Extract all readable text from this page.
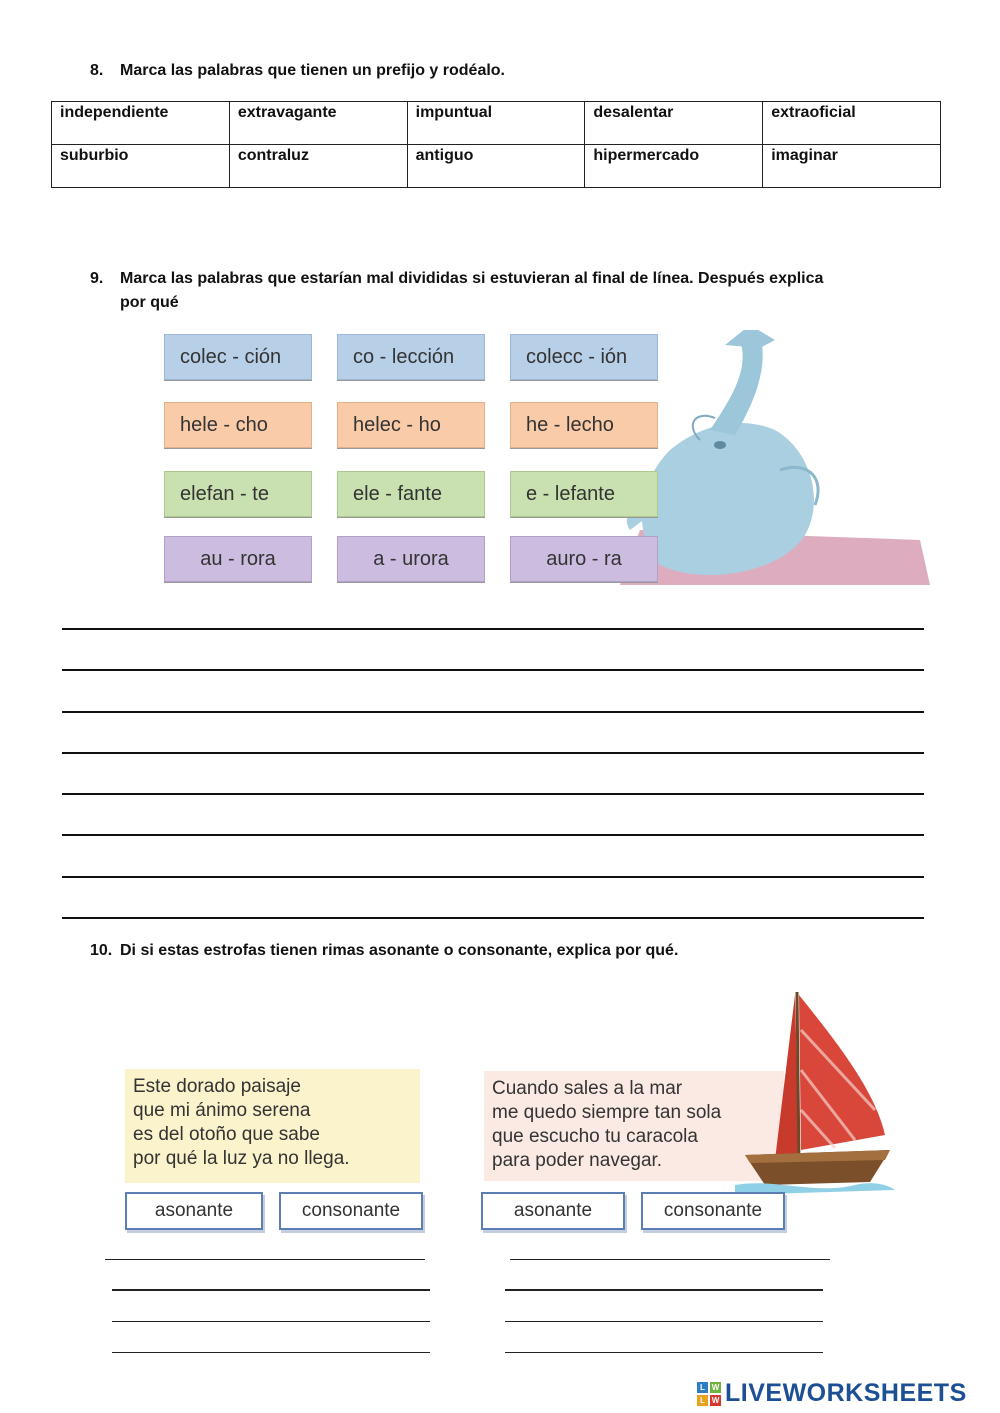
8. Marca las palabras que tienen un prefijo y rodéalo.
independiente	extravagante	impuntual	desalentar	extraoficial
suburbio	contraluz	antiguo	hipermercado	imaginar
9. Marca las palabras que estarían mal divididas si estuvieran al final de línea. Después explica
por qué
colec - ción	co - lección	colecc - ión
hele - cho	helec - ho	he - lecho
elefan - te	ele - fante	e - lefante
au - rora	a - urora	auro - ra
10. Di si estas estrofas tienen rimas asonante o consonante, explica por qué.
Este dorado paisaje
que mi ánimo serena
es del otoño que sabe
por qué la luz ya no llega.
Cuando sales a la mar
me quedo siempre tan sola
que escucho tu caracola
para poder navegar.
asonante	consonante	asonante	consonante
L W
L W LIVEWORKSHEETS
